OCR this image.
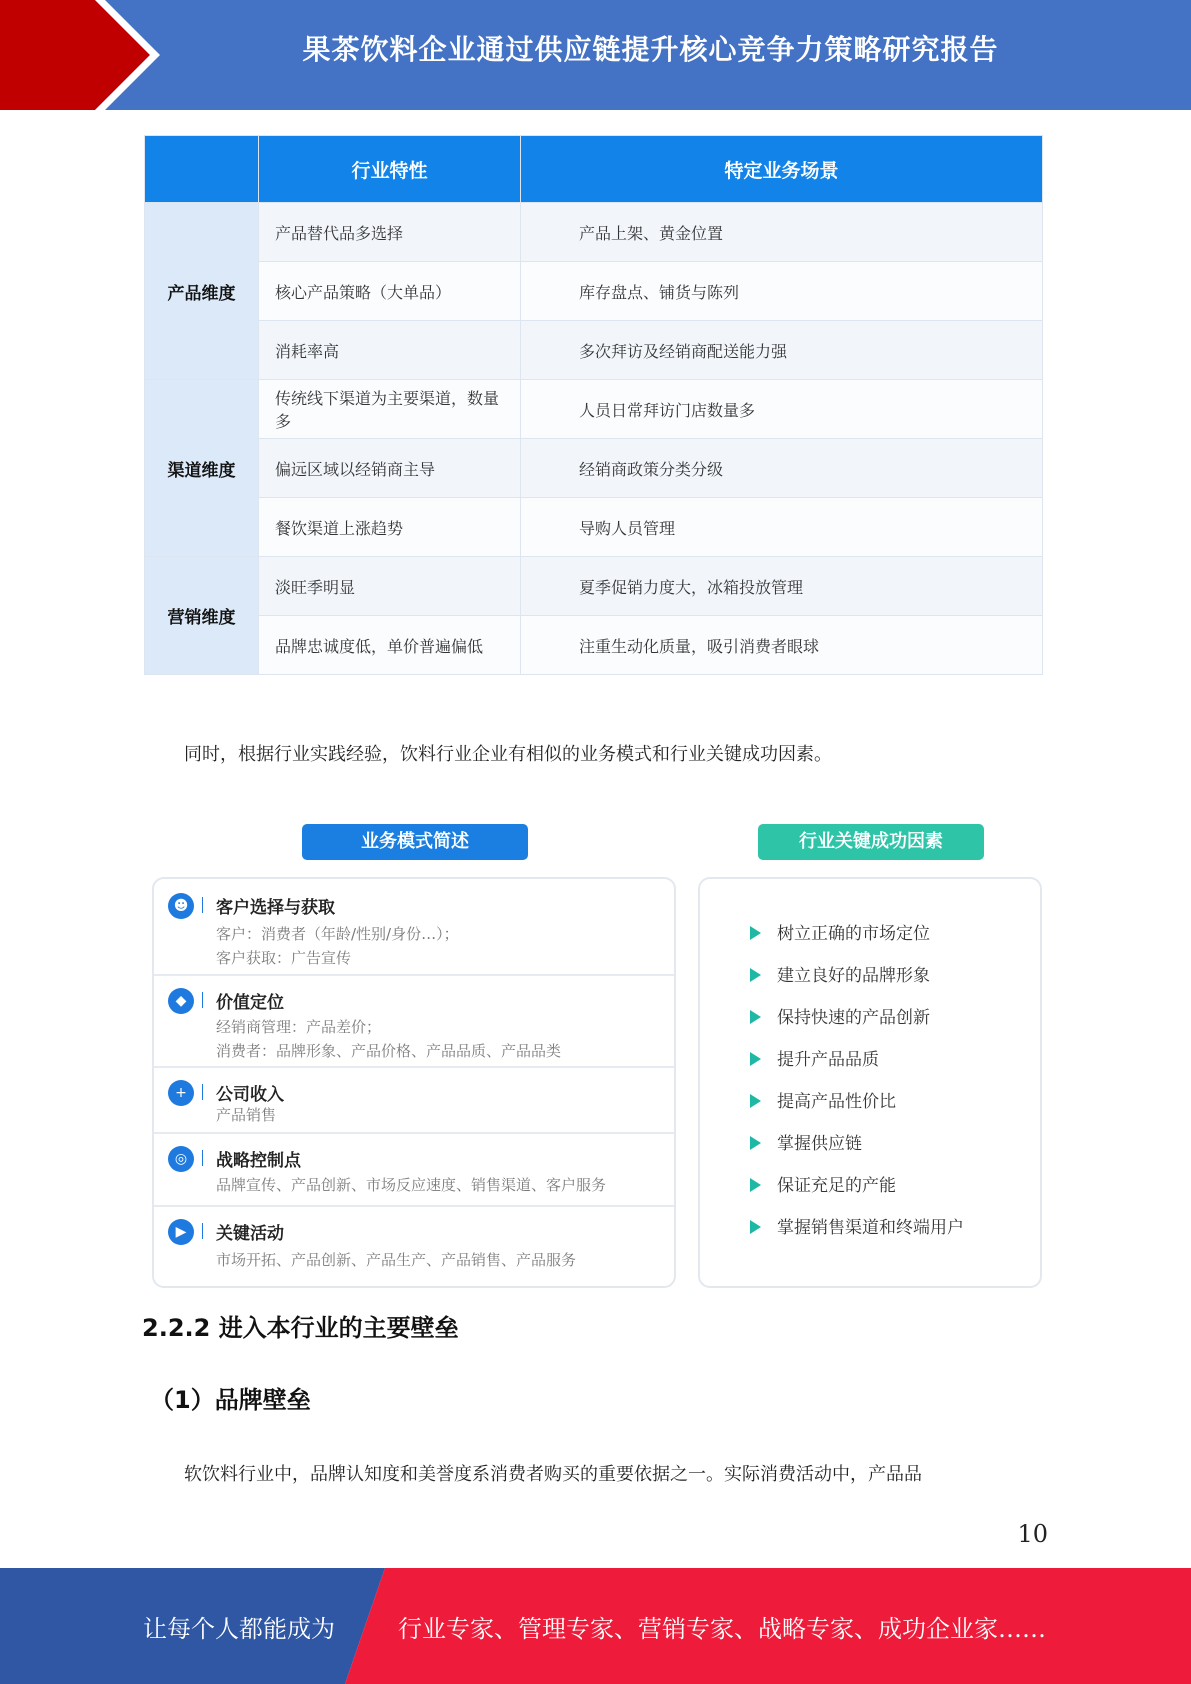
果茶饮料企业通过供应链提升核心竞争力策略研究报告
	行业特性	特定业务场景
产品维度	产品替代品多选择	产品上架、黄金位置
	核心产品策略（大单品）	库存盘点、铺货与陈列
	消耗率高	多次拜访及经销商配送能力强
渠道维度	传统线下渠道为主要渠道，数量多	人员日常拜访门店数量多
	偏远区域以经销商主导	经销商政策分类分级
	餐饮渠道上涨趋势	导购人员管理
营销维度	淡旺季明显	夏季促销力度大，冰箱投放管理
	品牌忠诚度低，单价普遍偏低	注重生动化质量，吸引消费者眼球
同时，根据行业实践经验，饮料行业企业有相似的业务模式和行业关键成功因素。
业务模式简述	行业关键成功因素
☻	客户选择与获取
客户：消费者（年龄/性别/身份…）；
客户获取：广告宣传
◆	价值定位
经销商管理：产品差价；
消费者：品牌形象、产品价格、产品品质、产品品类
+	公司收入
产品销售
◎	战略控制点
品牌宣传、产品创新、市场反应速度、销售渠道、客户服务
▶	关键活动
市场开拓、产品创新、产品生产、产品销售、产品服务
树立正确的市场定位
建立良好的品牌形象
保持快速的产品创新
提升产品品质
提高产品性价比
掌握供应链
保证充足的产能
掌握销售渠道和终端用户
2.2.2 进入本行业的主要壁垒
（1）品牌壁垒
软饮料行业中，品牌认知度和美誉度系消费者购买的重要依据之一。实际消费活动中，产品品
10
让每个人都能成为	行业专家、管理专家、营销专家、战略专家、成功企业家……
